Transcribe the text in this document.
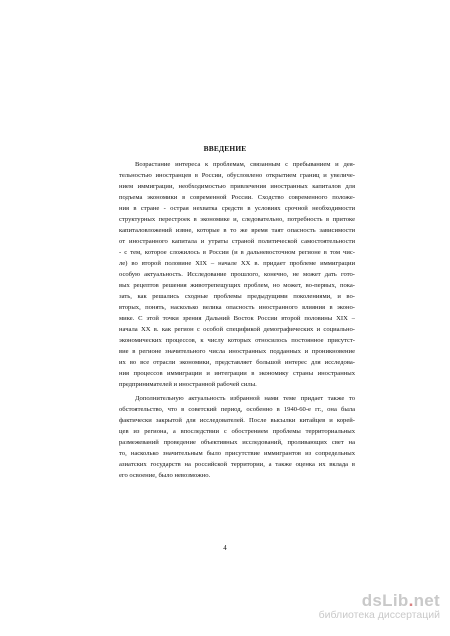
ВВЕДЕНИЕ
Возрастание интереса к проблемам, связанным с пребыванием и дея-
тельностью иностранцев в России, обусловлено открытием границ и увеличе-
нием иммиграции, необходимостью привлечения иностранных капиталов для
подъема экономики в современной России. Сходство современного положе-
ния в стране - острая нехватка средств в условиях срочной необходимости
структурных перестроек в экономике и, следовательно, потребность в притоке
капиталовложений извне, которые в то же время таят опасность зависимости
от иностранного капитала и утраты страной политической самостоятельности
- с тем, которое сложилось в России (и в дальневосточном регионе в том чис-
ле) во второй половине XIX – начале XX в. придает проблеме иммиграции
особую актуальность. Исследование прошлого, конечно, не может дать гото-
вых рецептов решения животрепещущих проблем, но может, во-первых, пока-
зать, как решались сходные проблемы предыдущими поколениями, и во-
вторых, понять, насколько велика опасность иностранного влияния в эконо-
мике. С этой точки зрения Дальний Восток России второй половины XIX –
начала XX в. как регион с особой спецификой демографических и социально-
экономических процессов, к числу которых относилось постоянное присутст-
вие в регионе значительного числа иностранных подданных и проникновение
их во все отрасли экономики, представляет большой интерес для исследова-
ния процессов иммиграции и интеграции в экономику страны иностранных
предпринимателей и иностранной рабочей силы.
Дополнительную актуальность избранной нами теме придает также то
обстоятельство, что в советский период, особенно в 1940-60-е гг., она была
фактически закрытой для исследователей. После высылки китайцев и корей-
цев из региона, а впоследствии с обострением проблемы территориальных
размежеваний проведение объективных исследований, проливающих свет на
то, насколько значительным было присутствие иммигрантов из сопредельных
азиатских государств на российской территории, а также оценка их вклада в
его освоение, было невозможно.
4
dsLib.net
библиотека диссертаций
